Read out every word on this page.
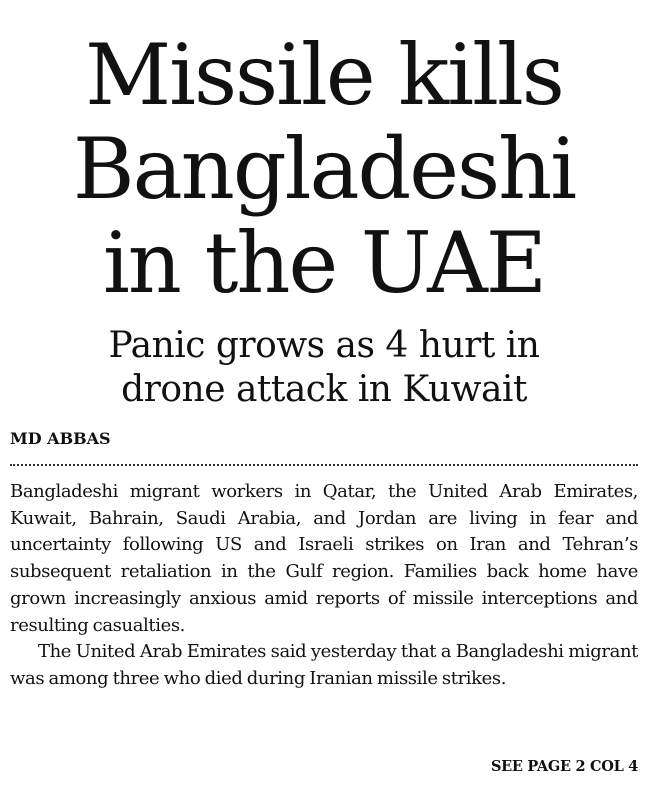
Missile kills
Bangladeshi
in the UAE
Panic grows as 4 hurt in
drone attack in Kuwait
MD ABBAS

Bangladeshi migrant workers in Qatar, the United Arab Emirates, Kuwait, Bahrain, Saudi Arabia, and Jordan are living in fear and uncertainty following US and Israeli strikes on Iran and Tehran’s subsequent retaliation in the Gulf region. Families back home have grown increasingly anxious amid reports of missile interceptions and resulting casualties.

The United Arab Emirates said yesterday that a Bangladeshi migrant was among three who died during Iranian missile strikes.

SEE PAGE 2 COL 4
